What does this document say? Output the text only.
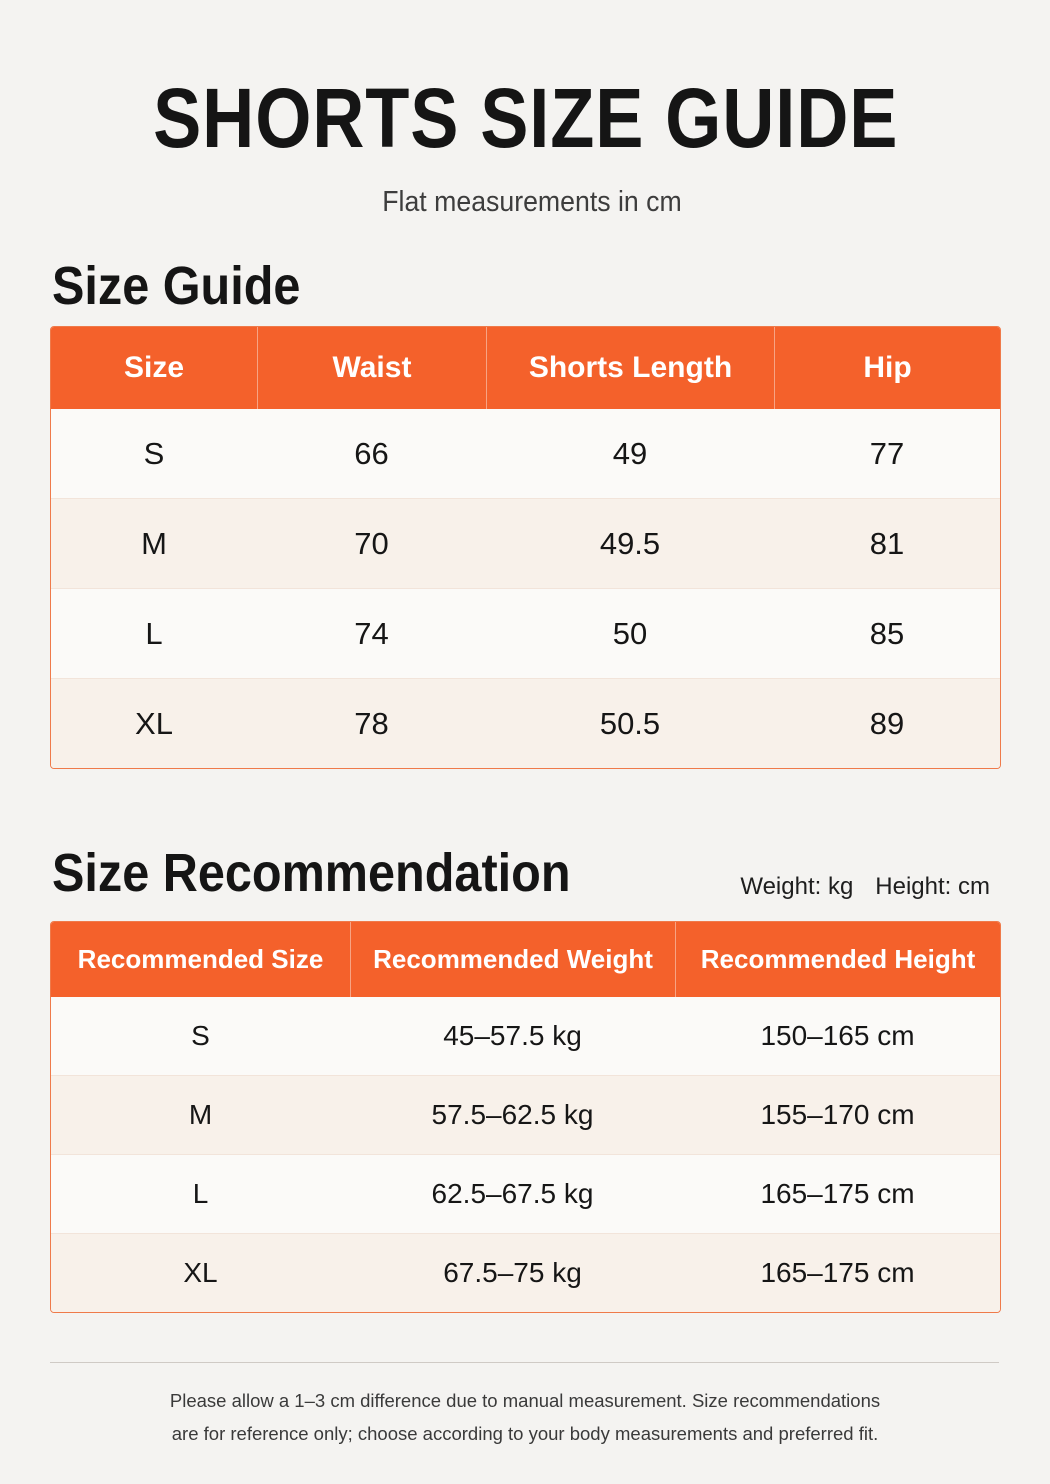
SHORTS SIZE GUIDE
Flat measurements in cm
Size Guide
Size	Waist	Shorts Length	Hip
S	66	49	77
M	70	49.5	81
L	74	50	85
XL	78	50.5	89
Size Recommendation	Weight: kg Height: cm
Recommended Size	Recommended Weight	Recommended Height
S	45–57.5 kg	150–165 cm
M	57.5–62.5 kg	155–170 cm
L	62.5–67.5 kg	165–175 cm
XL	67.5–75 kg	165–175 cm

Please allow a 1–3 cm difference due to manual measurement. Size recommendations

are for reference only; choose according to your body measurements and preferred fit.
